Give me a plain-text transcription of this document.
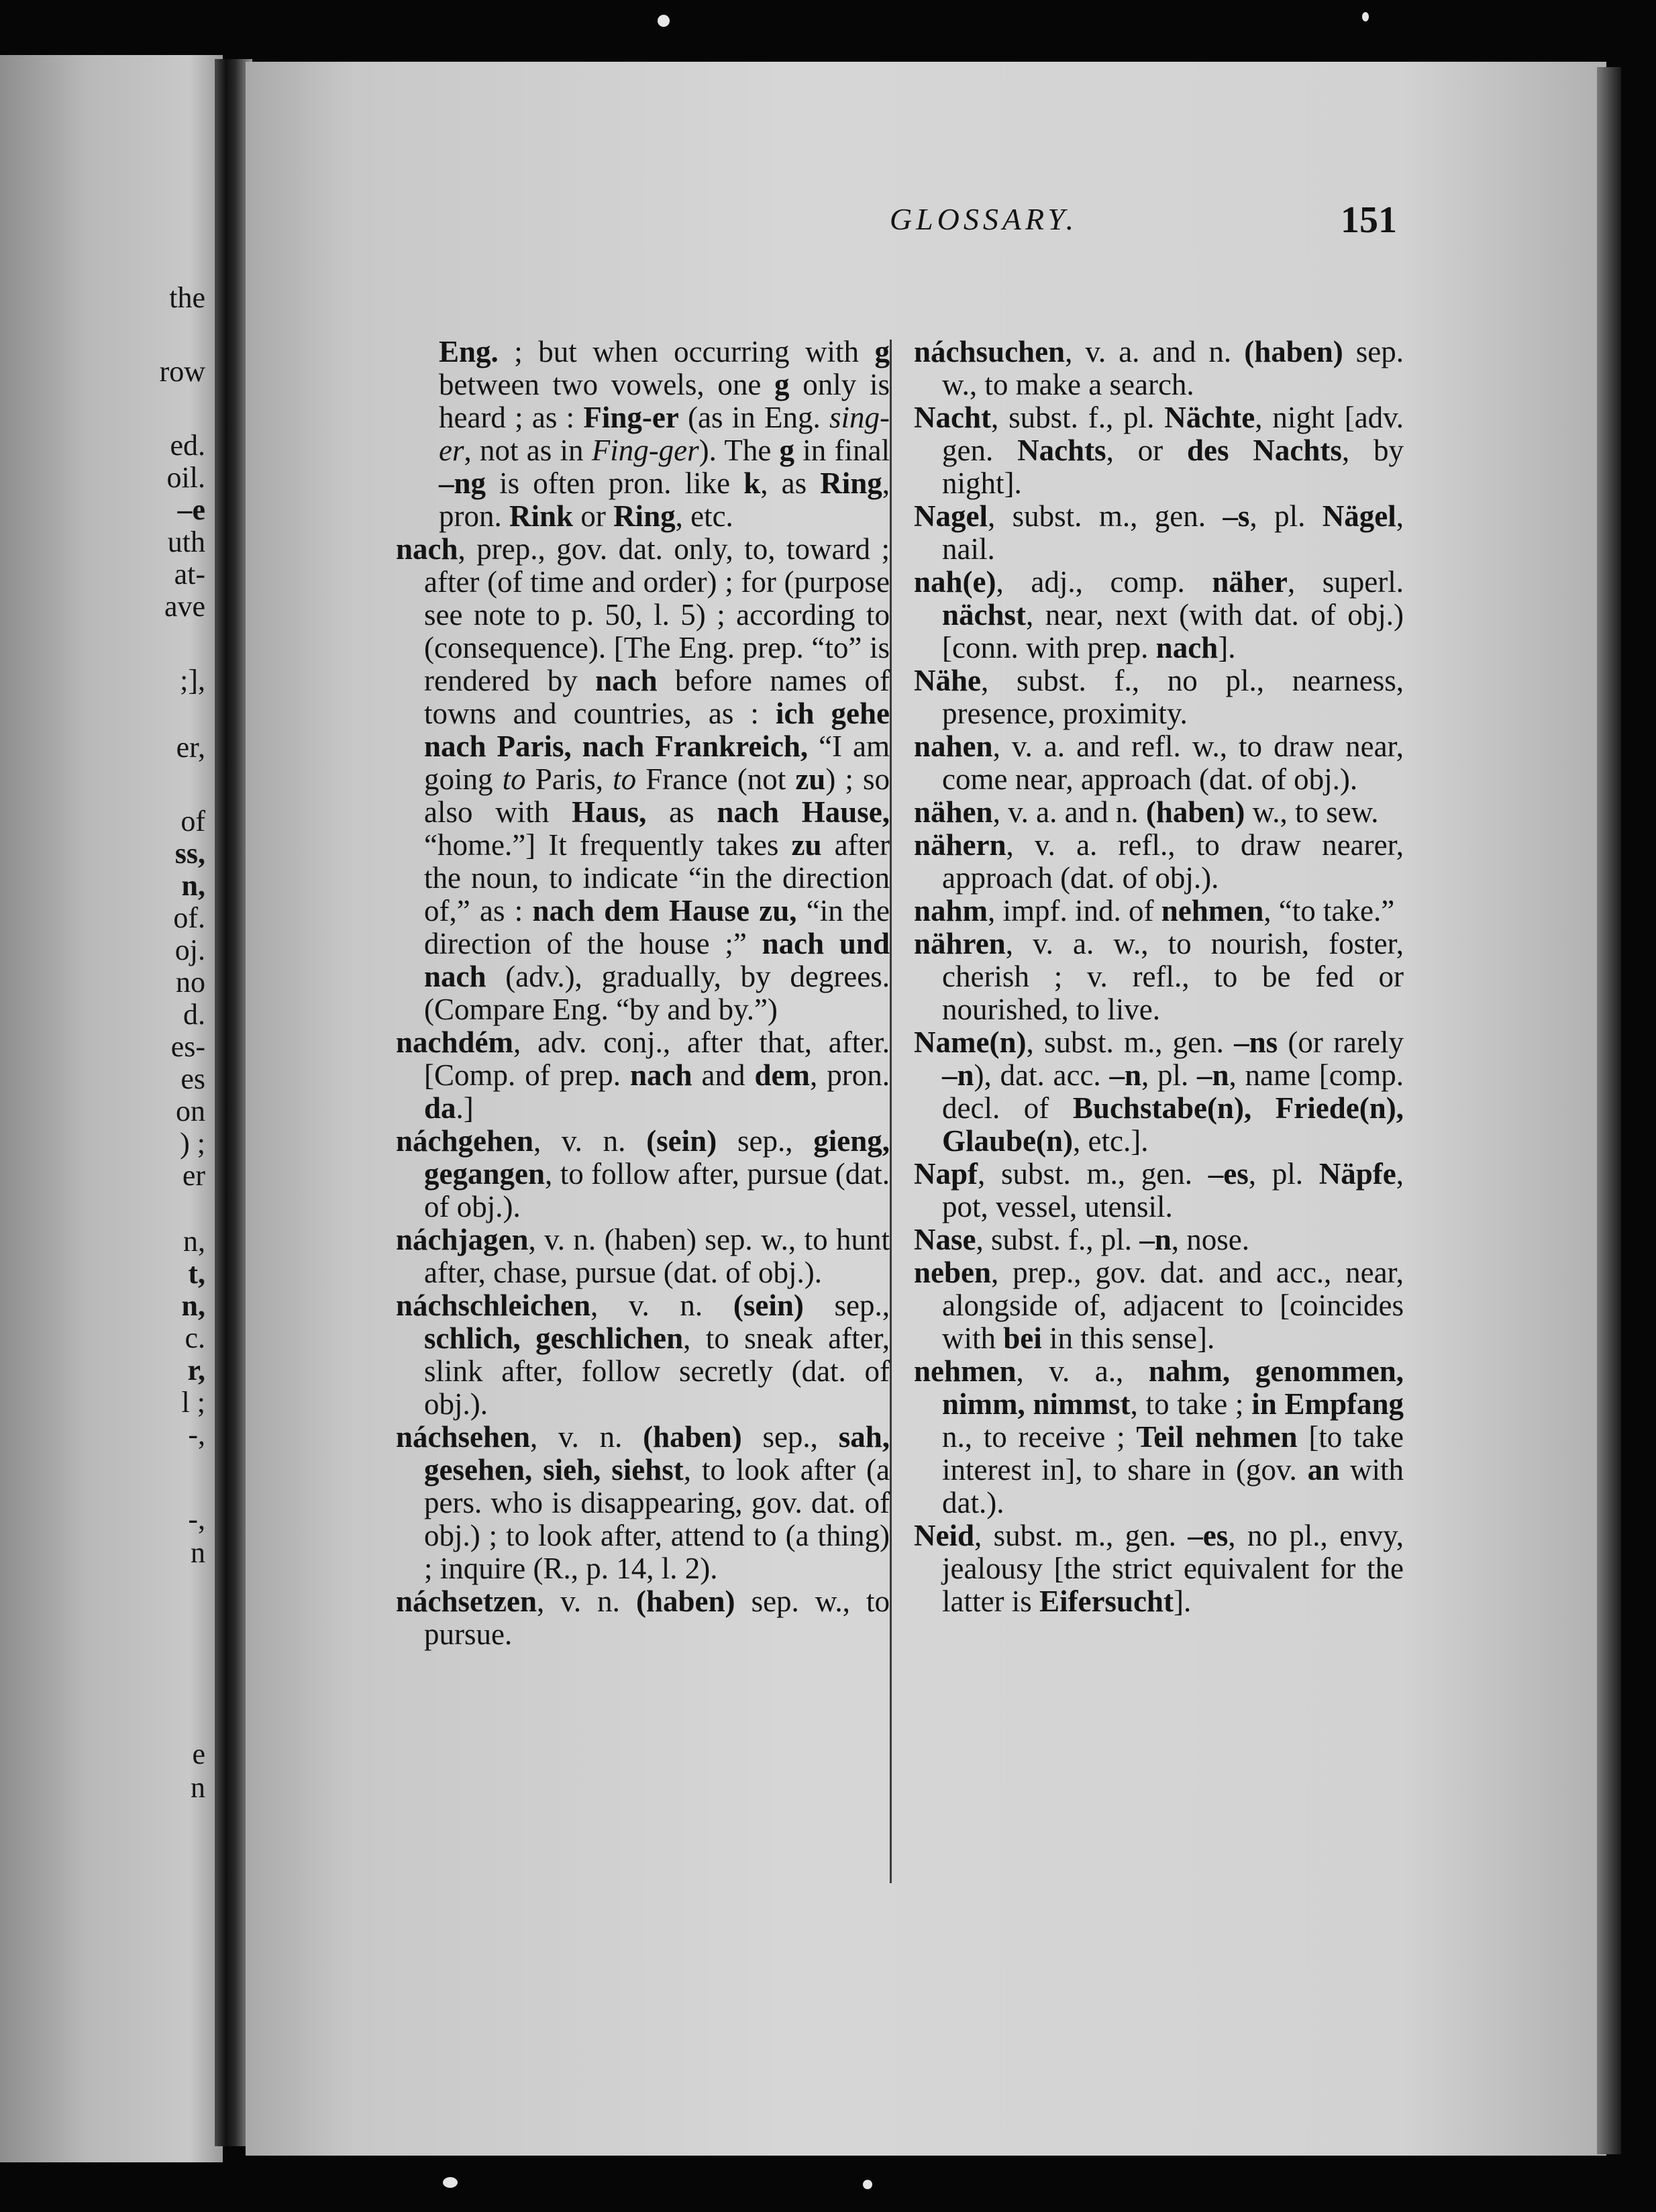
the
row
ed.
oil.
–e
uth
at-
ave
;],
er,
of
ss,
n,
of.
oj.
no
d.
es-
es
on
) ;
er
n,
t,
n,
c.
r,
l ;
-,
-,
n
e
n
GLOSSARY.	151

Eng. ; but when occurring with g between two vowels, one g only is heard ; as : Fing-er (as in Eng. sing-er, not as in Fing-ger). The g in final –ng is often pron. like k, as Ring, pron. Rink or Ring, etc.

nach, prep., gov. dat. only, to, toward ; after (of time and order) ; for (purpose see note to p. 50, l. 5) ; according to (consequence). [The Eng. prep. “to” is rendered by nach before names of towns and countries, as : ich gehe nach Paris, nach Frankreich, “I am going to Paris, to France (not zu) ; so also with Haus, as nach Hause, “home.”] It frequently takes zu after the noun, to indicate “in the direction of,” as : nach dem Hause zu, “in the direction of the house ;” nach und nach (adv.), gradually, by degrees. (Compare Eng. “by and by.”)

nachdém, adv. conj., after that, after. [Comp. of prep. nach and dem, pron. da.]

náchgehen, v. n. (sein) sep., gieng, gegangen, to follow after, pursue (dat. of obj.).

náchjagen, v. n. (haben) sep. w., to hunt after, chase, pursue (dat. of obj.).

náchschleichen, v. n. (sein) sep., schlich, geschlichen, to sneak after, slink after, follow secretly (dat. of obj.).

náchsehen, v. n. (haben) sep., sah, gesehen, sieh, siehst, to look after (a pers. who is disappearing, gov. dat. of obj.) ; to look after, attend to (a thing) ; inquire (R., p. 14, l. 2).

náchsetzen, v. n. (haben) sep. w., to pursue.

náchsuchen, v. a. and n. (haben) sep. w., to make a search.

Nacht, subst. f., pl. Nächte, night [adv. gen. Nachts, or des Nachts, by night].

Nagel, subst. m., gen. –s, pl. Nägel, nail.

nah(e), adj., comp. näher, superl. nächst, near, next (with dat. of obj.) [conn. with prep. nach].

Nähe, subst. f., no pl., nearness, presence, proximity.

nahen, v. a. and refl. w., to draw near, come near, approach (dat. of obj.).

nähen, v. a. and n. (haben) w., to sew.

nähern, v. a. refl., to draw nearer, approach (dat. of obj.).

nahm, impf. ind. of nehmen, “to take.”

nähren, v. a. w., to nourish, foster, cherish ; v. refl., to be fed or nourished, to live.

Name(n), subst. m., gen. –ns (or rarely –n), dat. acc. –n, pl. –n, name [comp. decl. of Buchstabe(n), Friede(n), Glaube(n), etc.].

Napf, subst. m., gen. –es, pl. Näpfe, pot, vessel, utensil.

Nase, subst. f., pl. –n, nose.

neben, prep., gov. dat. and acc., near, alongside of, adjacent to [coincides with bei in this sense].

nehmen, v. a., nahm, genommen, nimm, nimmst, to take ; in Empfang n., to receive ; Teil nehmen [to take interest in], to share in (gov. an with dat.).

Neid, subst. m., gen. –es, no pl., envy, jealousy [the strict equivalent for the latter is Eifersucht].
